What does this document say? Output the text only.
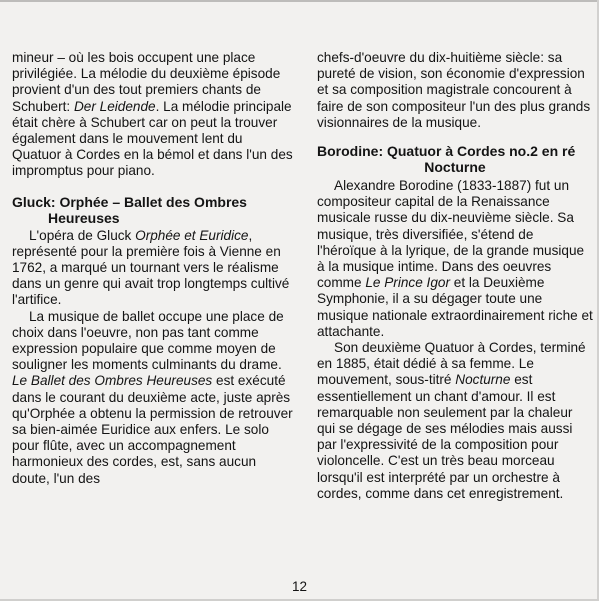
mineur – où les bois occupent une place privilégiée. La mélodie du deuxième épisode provient d'un des tout premiers chants de Schubert: Der Leidende. La mélodie principale était chère à Schubert car on peut la trouver également dans le mouvement lent du Quatuor à Cordes en la bémol et dans l'un des impromptus pour piano.

Gluck: Orphée – Ballet des Ombres
Heureuses

L'opéra de Gluck Orphée et Euridice, représenté pour la première fois à Vienne en 1762, a marqué un tournant vers le réalisme dans un genre qui avait trop longtemps cultivé l'artifice.

La musique de ballet occupe une place de choix dans l'oeuvre, non pas tant comme expression populaire que comme moyen de souligner les moments culminants du drame. Le Ballet des Ombres Heureuses est exécuté dans le courant du deuxième acte, juste après qu'Orphée a obtenu la permission de retrouver sa bien-aimée Euridice aux enfers. Le solo pour flûte, avec un accompagnement harmonieux des cordes, est, sans aucun doute, l'un des

chefs-d'oeuvre du dix-huitième siècle: sa pureté de vision, son économie d'expression et sa composition magistrale concourent à faire de son compositeur l'un des plus grands visionnaires de la musique.

Borodine: Quatuor à Cordes no.2 en ré
Nocturne

Alexandre Borodine (1833-1887) fut un compositeur capital de la Renaissance musicale russe du dix-neuvième siècle. Sa musique, très diversifiée, s'étend de l'héroïque à la lyrique, de la grande musique à la musique intime. Dans des oeuvres comme Le Prince Igor et la Deuxième Symphonie, il a su dégager toute une musique nationale extraordinairement riche et attachante.

Son deuxième Quatuor à Cordes, terminé en 1885, était dédié à sa femme. Le mouvement, sous-titré Nocturne est essentiellement un chant d'amour. Il est remarquable non seulement par la chaleur qui se dégage de ses mélodies mais aussi par l'expressivité de la composition pour violoncelle. C'est un très beau morceau lorsqu'il est interprété par un orchestre à cordes, comme dans cet enregistrement.

12
